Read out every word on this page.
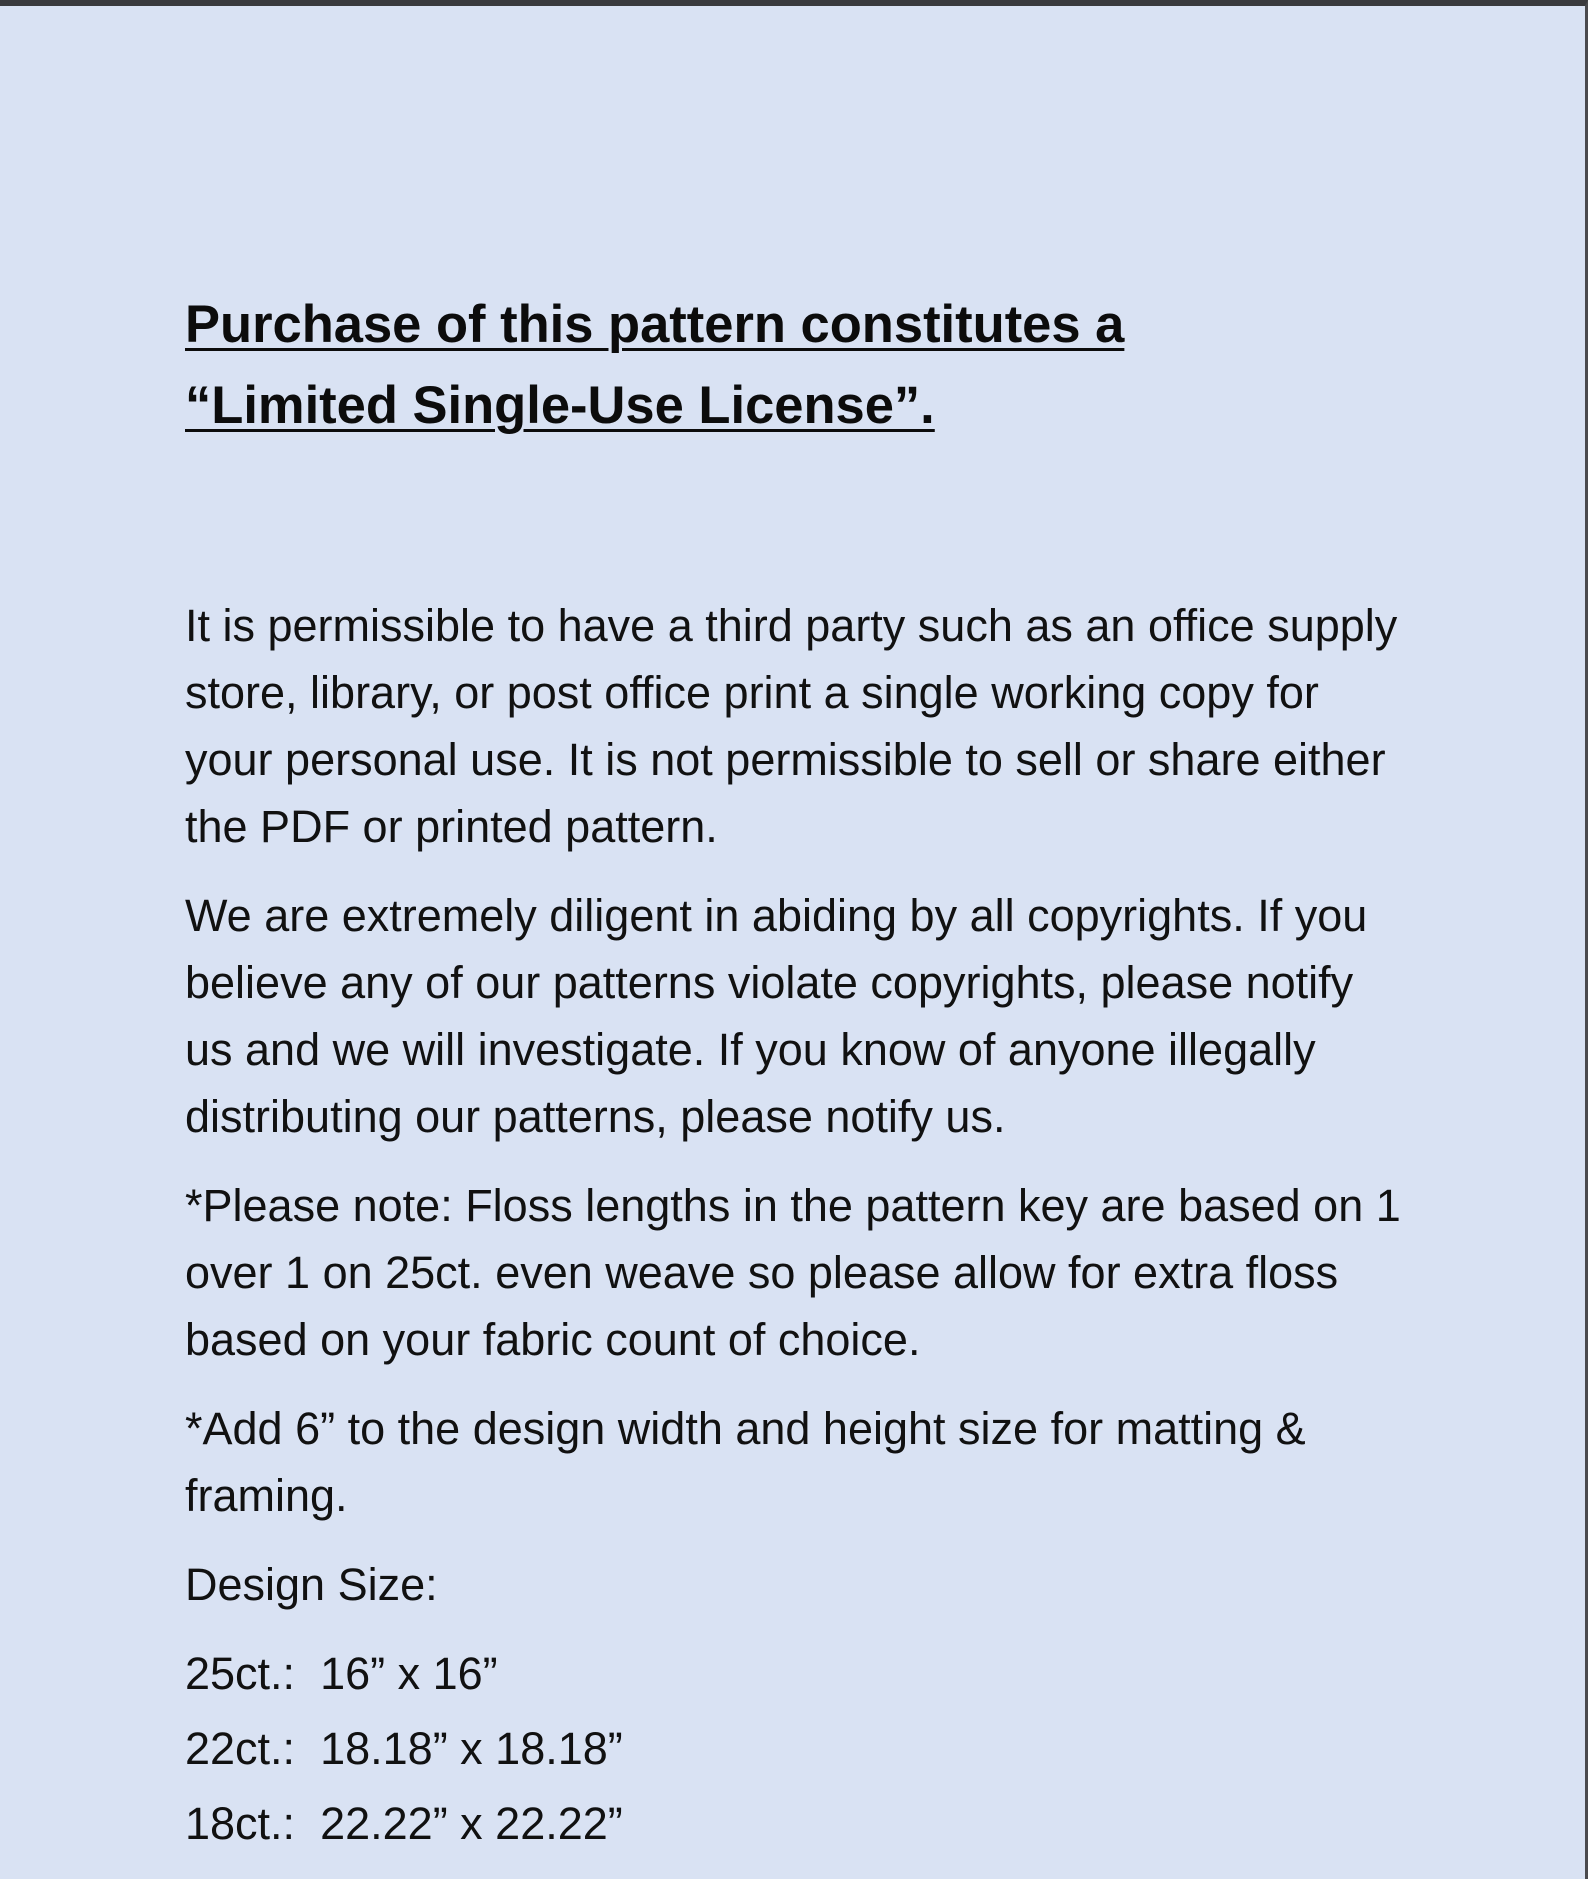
Purchase of this pattern constitutes a
“Limited Single-Use License”.

It is permissible to have a third party such as an office supply store, library, or post office print a single working copy for your personal use. It is not permissible to sell or share either the PDF or printed pattern.

We are extremely diligent in abiding by all copyrights. If you believe any of our patterns violate copyrights, please notify us and we will investigate. If you know of anyone illegally distributing our patterns, please notify us.

*Please note: Floss lengths in the pattern key are based on 1 over 1 on 25ct. even weave so please allow for extra floss based on your fabric count of choice.

*Add 6” to the design width and height size for matting & framing.

Design Size:

25ct.: 16” x 16”
22ct.: 18.18” x 18.18”
18ct.: 22.22” x 22.22”
